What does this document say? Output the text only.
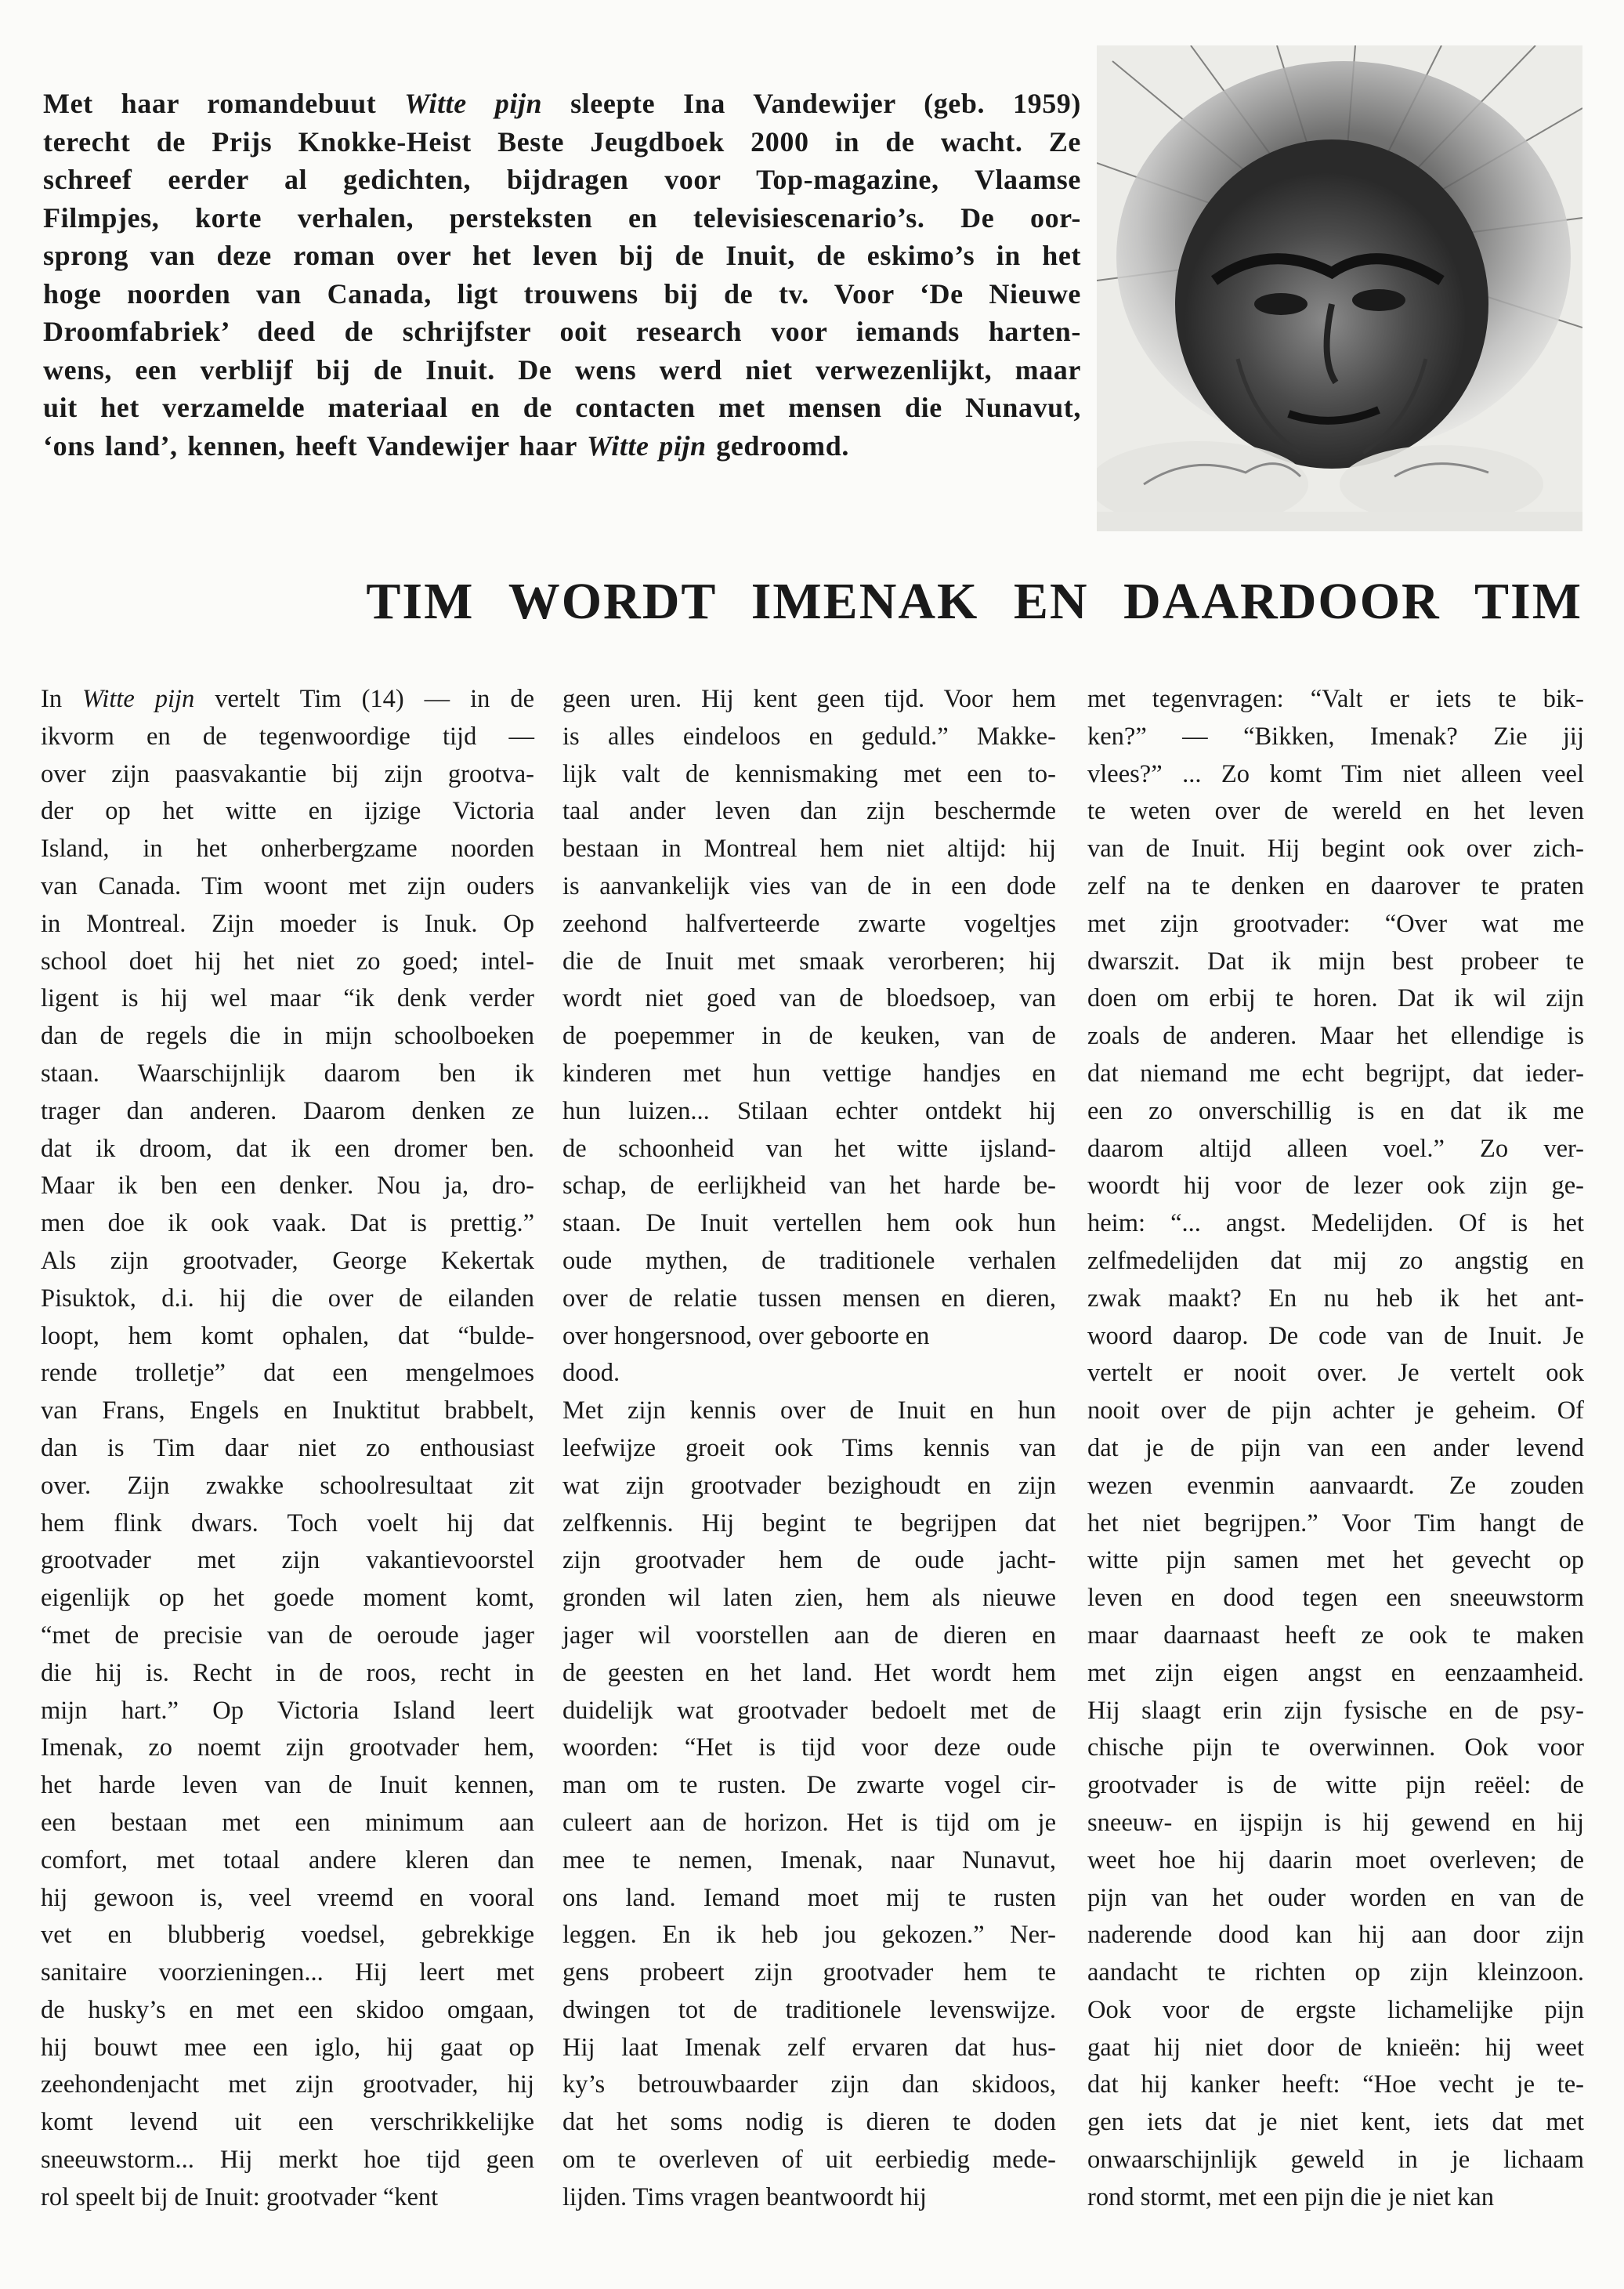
Met haar romandebuut Witte pijn sleepte Ina Vandewijer (geb. 1959)
terecht de Prijs Knokke-Heist Beste Jeugdboek 2000 in de wacht. Ze
schreef eerder al gedichten, bijdragen voor Top-magazine, Vlaamse
Filmpjes, korte verhalen, persteksten en televisiescenario’s. De oor-
sprong van deze roman over het leven bij de Inuit, de eskimo’s in het
hoge noorden van Canada, ligt trouwens bij de tv. Voor ‘De Nieuwe
Droomfabriek’ deed de schrijfster ooit research voor iemands harten-
wens, een verblijf bij de Inuit. De wens werd niet verwezenlijkt, maar
uit het verzamelde materiaal en de contacten met mensen die Nunavut,
‘ons land’, kennen, heeft Vandewijer haar Witte pijn gedroomd.
TIM WORDT IMENAK EN DAARDOOR TIM
In Witte pijn vertelt Tim (14) — in de
ikvorm en de tegenwoordige tijd —
over zijn paasvakantie bij zijn grootva-
der op het witte en ijzige Victoria
Island, in het onherbergzame noorden
van Canada. Tim woont met zijn ouders
in Montreal. Zijn moeder is Inuk. Op
school doet hij het niet zo goed; intel-
ligent is hij wel maar “ik denk verder
dan de regels die in mijn schoolboeken
staan. Waarschijnlijk daarom ben ik
trager dan anderen. Daarom denken ze
dat ik droom, dat ik een dromer ben.
Maar ik ben een denker. Nou ja, dro-
men doe ik ook vaak. Dat is prettig.”
Als zijn grootvader, George Kekertak
Pisuktok, d.i. hij die over de eilanden
loopt, hem komt ophalen, dat “bulde-
rende trolletje” dat een mengelmoes
van Frans, Engels en Inuktitut brabbelt,
dan is Tim daar niet zo enthousiast
over. Zijn zwakke schoolresultaat zit
hem flink dwars. Toch voelt hij dat
grootvader met zijn vakantievoorstel
eigenlijk op het goede moment komt,
“met de precisie van de oeroude jager
die hij is. Recht in de roos, recht in
mijn hart.” Op Victoria Island leert
Imenak, zo noemt zijn grootvader hem,
het harde leven van de Inuit kennen,
een bestaan met een minimum aan
comfort, met totaal andere kleren dan
hij gewoon is, veel vreemd en vooral
vet en blubberig voedsel, gebrekkige
sanitaire voorzieningen... Hij leert met
de husky’s en met een skidoo omgaan,
hij bouwt mee een iglo, hij gaat op
zeehondenjacht met zijn grootvader, hij
komt levend uit een verschrikkelijke
sneeuwstorm... Hij merkt hoe tijd geen
rol speelt bij de Inuit: grootvader “kent
geen uren. Hij kent geen tijd. Voor hem
is alles eindeloos en geduld.” Makke-
lijk valt de kennismaking met een to-
taal ander leven dan zijn beschermde
bestaan in Montreal hem niet altijd: hij
is aanvankelijk vies van de in een dode
zeehond halfverteerde zwarte vogeltjes
die de Inuit met smaak verorberen; hij
wordt niet goed van de bloedsoep, van
de poepemmer in de keuken, van de
kinderen met hun vettige handjes en
hun luizen... Stilaan echter ontdekt hij
de schoonheid van het witte ijsland-
schap, de eerlijkheid van het harde be-
staan. De Inuit vertellen hem ook hun
oude mythen, de traditionele verhalen
over de relatie tussen mensen en dieren,
over hongersnood, over geboorte en
dood.
Met zijn kennis over de Inuit en hun
leefwijze groeit ook Tims kennis van
wat zijn grootvader bezighoudt en zijn
zelfkennis. Hij begint te begrijpen dat
zijn grootvader hem de oude jacht-
gronden wil laten zien, hem als nieuwe
jager wil voorstellen aan de dieren en
de geesten en het land. Het wordt hem
duidelijk wat grootvader bedoelt met de
woorden: “Het is tijd voor deze oude
man om te rusten. De zwarte vogel cir-
culeert aan de horizon. Het is tijd om je
mee te nemen, Imenak, naar Nunavut,
ons land. Iemand moet mij te rusten
leggen. En ik heb jou gekozen.” Ner-
gens probeert zijn grootvader hem te
dwingen tot de traditionele levenswijze.
Hij laat Imenak zelf ervaren dat hus-
ky’s betrouwbaarder zijn dan skidoos,
dat het soms nodig is dieren te doden
om te overleven of uit eerbiedig mede-
lijden. Tims vragen beantwoordt hij
met tegenvragen: “Valt er iets te bik-
ken?” — “Bikken, Imenak? Zie jij
vlees?” ... Zo komt Tim niet alleen veel
te weten over de wereld en het leven
van de Inuit. Hij begint ook over zich-
zelf na te denken en daarover te praten
met zijn grootvader: “Over wat me
dwarszit. Dat ik mijn best probeer te
doen om erbij te horen. Dat ik wil zijn
zoals de anderen. Maar het ellendige is
dat niemand me echt begrijpt, dat ieder-
een zo onverschillig is en dat ik me
daarom altijd alleen voel.” Zo ver-
woordt hij voor de lezer ook zijn ge-
heim: “... angst. Medelijden. Of is het
zelfmedelijden dat mij zo angstig en
zwak maakt? En nu heb ik het ant-
woord daarop. De code van de Inuit. Je
vertelt er nooit over. Je vertelt ook
nooit over de pijn achter je geheim. Of
dat je de pijn van een ander levend
wezen evenmin aanvaardt. Ze zouden
het niet begrijpen.” Voor Tim hangt de
witte pijn samen met het gevecht op
leven en dood tegen een sneeuwstorm
maar daarnaast heeft ze ook te maken
met zijn eigen angst en eenzaamheid.
Hij slaagt erin zijn fysische en de psy-
chische pijn te overwinnen. Ook voor
grootvader is de witte pijn reëel: de
sneeuw- en ijspijn is hij gewend en hij
weet hoe hij daarin moet overleven; de
pijn van het ouder worden en van de
naderende dood kan hij aan door zijn
aandacht te richten op zijn kleinzoon.
Ook voor de ergste lichamelijke pijn
gaat hij niet door de knieën: hij weet
dat hij kanker heeft: “Hoe vecht je te-
gen iets dat je niet kent, iets dat met
onwaarschijnlijk geweld in je lichaam
rond stormt, met een pijn die je niet kan
